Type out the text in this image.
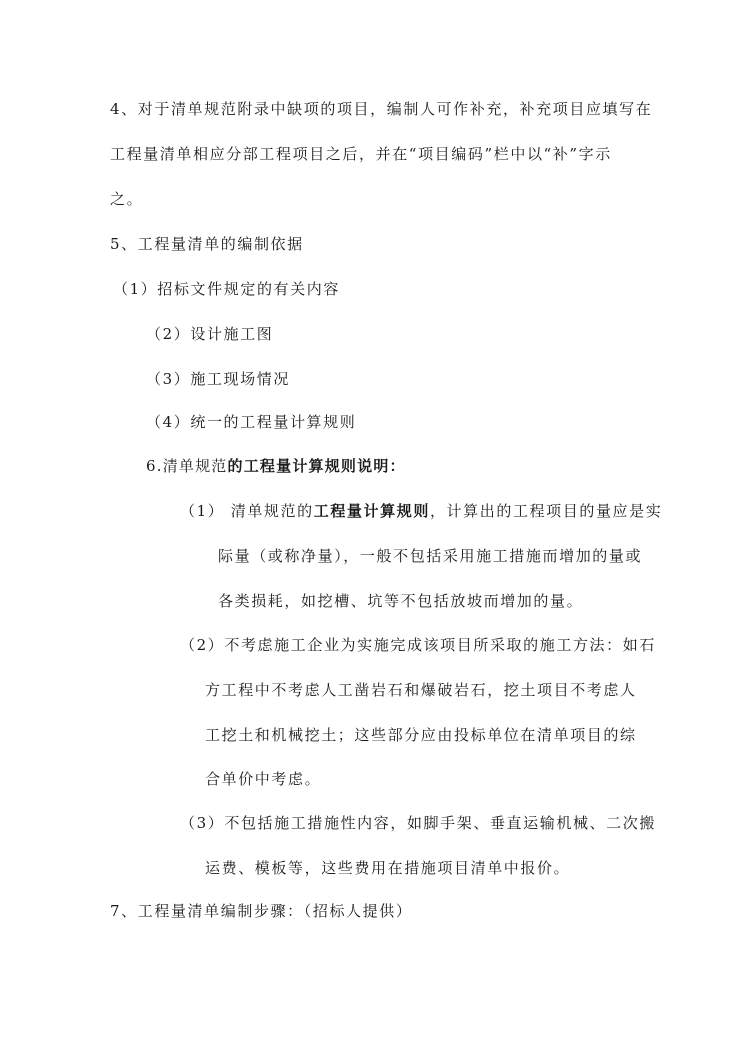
4、对于清单规范附录中缺项的项目，编制人可作补充，补充项目应填写在
工程量清单相应分部工程项目之后，并在“项目编码”栏中以“补”字示
之。
5、工程量清单的编制依据
（1）招标文件规定的有关内容
（2）设计施工图
（3）施工现场情况
（4）统一的工程量计算规则
6.清单规范的工程量计算规则说明：
（1） 清单规范的工程量计算规则，计算出的工程项目的量应是实
际量（或称净量），一般不包括采用施工措施而增加的量或
各类损耗，如挖槽、坑等不包括放坡而增加的量。
（2）不考虑施工企业为实施完成该项目所采取的施工方法：如石
方工程中不考虑人工凿岩石和爆破岩石，挖土项目不考虑人
工挖土和机械挖土；这些部分应由投标单位在清单项目的综
合单价中考虑。
（3）不包括施工措施性内容，如脚手架、垂直运输机械、二次搬
运费、模板等，这些费用在措施项目清单中报价。
7、工程量清单编制步骤：（招标人提供）
